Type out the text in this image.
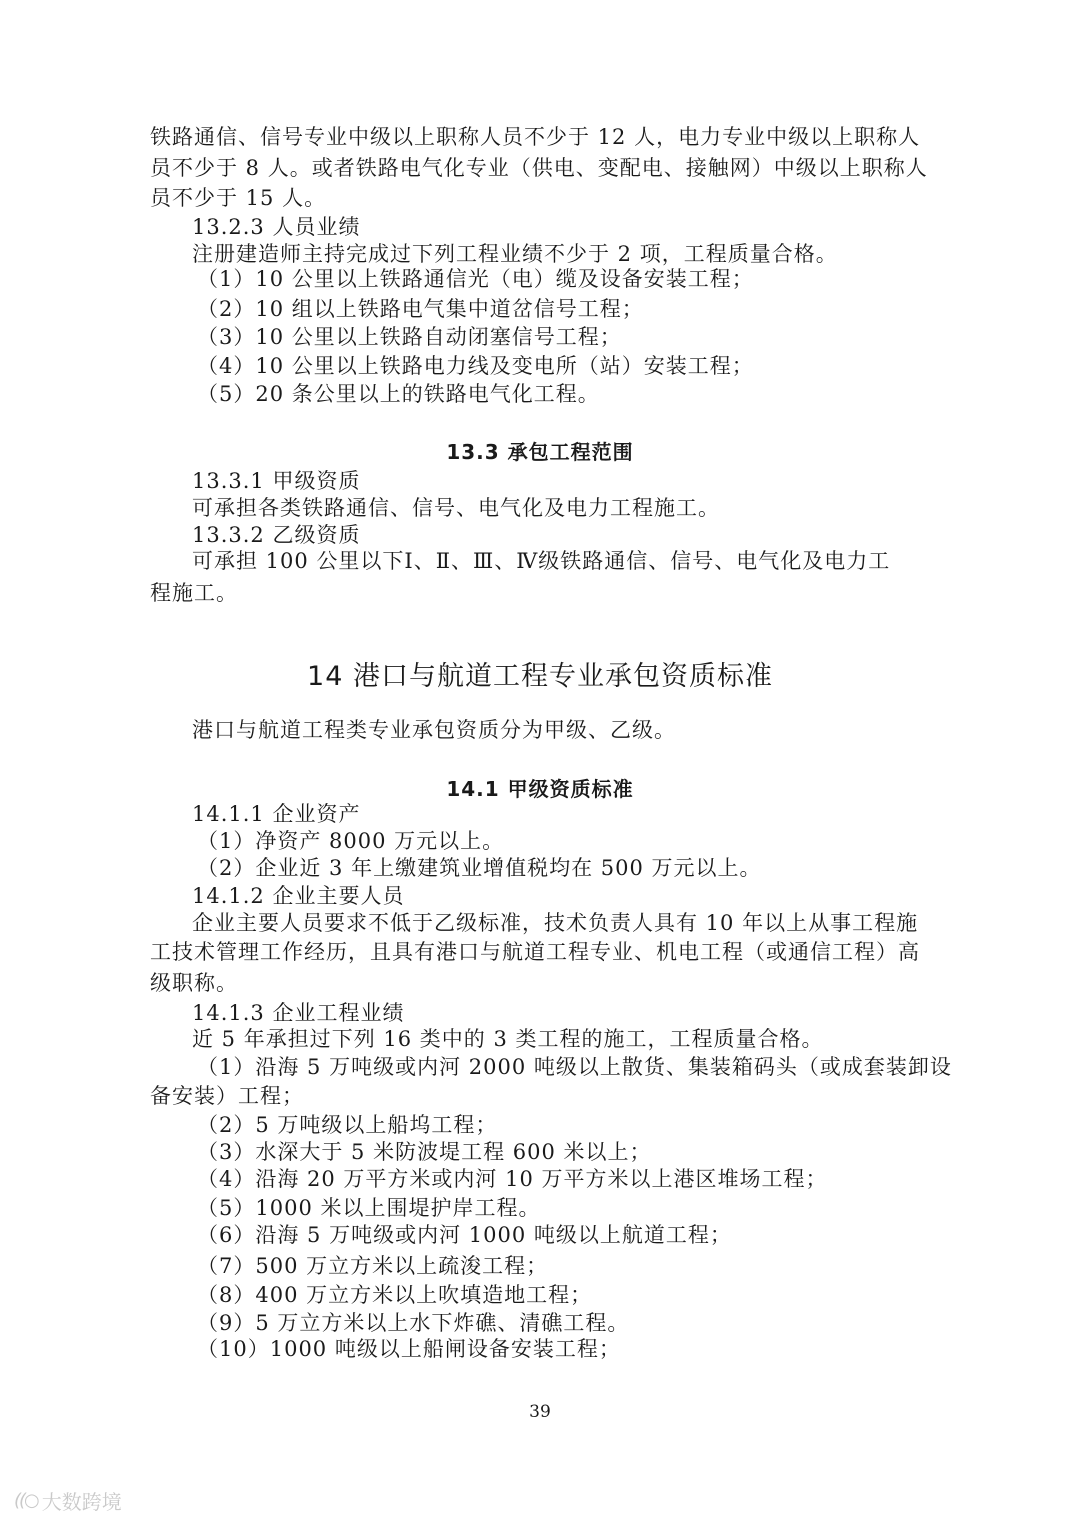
铁路通信、信号专业中级以上职称人员不少于 12 人，电力专业中级以上职称人
员不少于 8 人。或者铁路电气化专业（供电、变配电、接触网）中级以上职称人
员不少于 15 人。
13.2.3 人员业绩
注册建造师主持完成过下列工程业绩不少于 2 项，工程质量合格。
（1）10 公里以上铁路通信光（电）缆及设备安装工程；
（2）10 组以上铁路电气集中道岔信号工程；
（3）10 公里以上铁路自动闭塞信号工程；
（4）10 公里以上铁路电力线及变电所（站）安装工程；
（5）20 条公里以上的铁路电气化工程。
13.3 承包工程范围
13.3.1 甲级资质
可承担各类铁路通信、信号、电气化及电力工程施工。
13.3.2 乙级资质
可承担 100 公里以下Ⅰ、Ⅱ、Ⅲ、Ⅳ级铁路通信、信号、电气化及电力工
程施工。
14 港口与航道工程专业承包资质标准
港口与航道工程类专业承包资质分为甲级、乙级。
14.1 甲级资质标准
14.1.1 企业资产
（1）净资产 8000 万元以上。
（2）企业近 3 年上缴建筑业增值税均在 500 万元以上。
14.1.2 企业主要人员
企业主要人员要求不低于乙级标准，技术负责人具有 10 年以上从事工程施
工技术管理工作经历，且具有港口与航道工程专业、机电工程（或通信工程）高
级职称。
14.1.3 企业工程业绩
近 5 年承担过下列 16 类中的 3 类工程的施工，工程质量合格。
（1）沿海 5 万吨级或内河 2000 吨级以上散货、集装箱码头（或成套装卸设
备安装）工程；
（2）5 万吨级以上船坞工程；
（3）水深大于 5 米防波堤工程 600 米以上；
（4）沿海 20 万平方米或内河 10 万平方米以上港区堆场工程；
（5）1000 米以上围堤护岸工程。
（6）沿海 5 万吨级或内河 1000 吨级以上航道工程；
（7）500 万立方米以上疏浚工程；
（8）400 万立方米以上吹填造地工程；
（9）5 万立方米以上水下炸礁、清礁工程。
（10）1000 吨级以上船闸设备安装工程；
39
((○ 大数跨境
